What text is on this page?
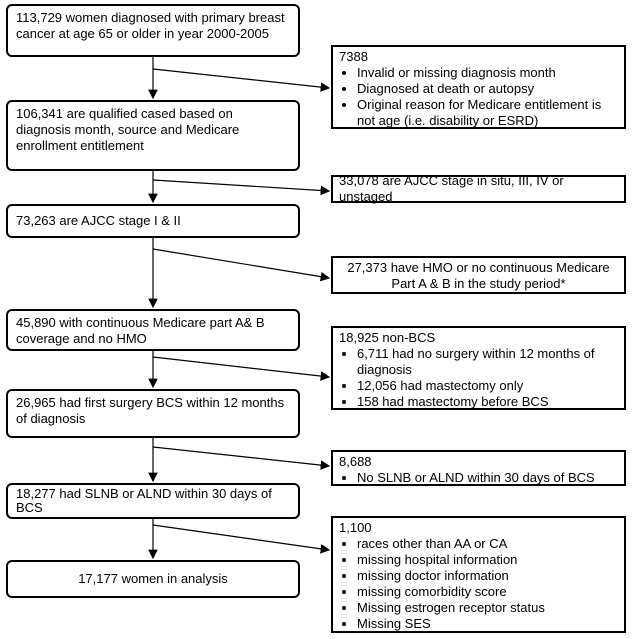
113,729 women diagnosed with primary breast cancer at age 65 or older in year 2000-2005
106,341 are qualified cased based on diagnosis month, source and Medicare enrollment entitlement
73,263 are AJCC stage I & II
45,890 with continuous Medicare part A& B coverage and no HMO
26,965 had first surgery BCS within 12 months of diagnosis
18,277 had SLNB or ALND within 30 days of BCS
17,177 women in analysis
7388
• Invalid or missing diagnosis month
• Diagnosed at death or autopsy
• Original reason for Medicare entitlement is not age (i.e. disability or ESRD)
33,078 are AJCC stage in situ, III, IV or unstaged
27,373 have HMO or no continuous Medicare Part A & B in the study period*
18,925 non-BCS
• 6,711 had no surgery within 12 months of diagnosis
• 12,056 had mastectomy only
• 158 had mastectomy before BCS
8,688
• No SLNB or ALND within 30 days of BCS
1,100
• races other than AA or CA
• missing hospital information
• missing doctor information
• missing comorbidity score
• Missing estrogen receptor status
• Missing SES
